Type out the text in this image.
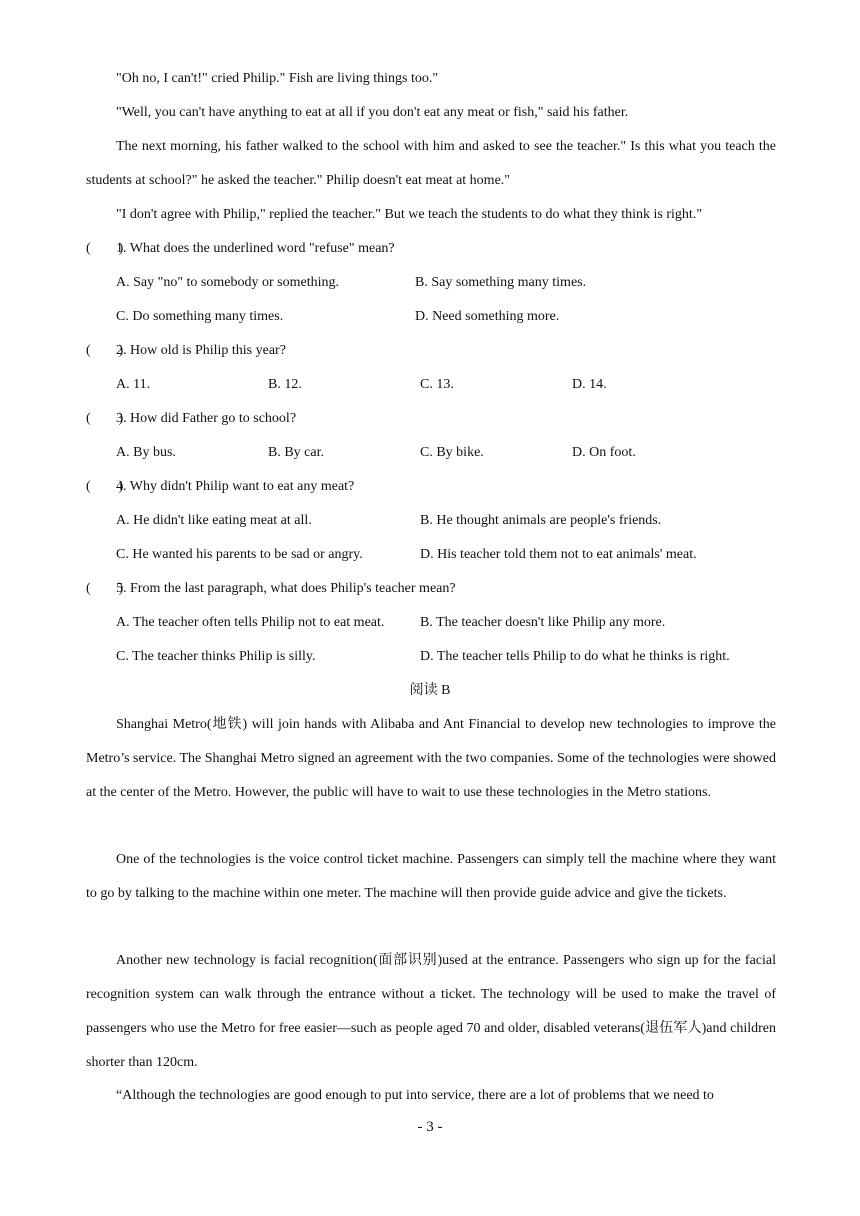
"Oh no, I can't!" cried Philip." Fish are living things too."

"Well, you can't have anything to eat at all if you don't eat any meat or fish," said his father.

The next morning, his father walked to the school with him and asked to see the teacher." Is this what you teach the students at school?" he asked the teacher." Philip doesn't eat meat at home."

"I don't agree with Philip," replied the teacher." But we teach the students to do what they think is right."

(　　)1. What does the underlined word "refuse" mean?
A. Say "no" to somebody or something.	B. Say something many times.
C. Do something many times.	D. Need something more.
(　　)2. How old is Philip this year?
A. 11.	B. 12.	C. 13.	D. 14.
(　　)3. How did Father go to school?
A. By bus.	B. By car.	C. By bike.	D. On foot.
(　　)4. Why didn't Philip want to eat any meat?
A. He didn't like eating meat at all.	B. He thought animals are people's friends.
C. He wanted his parents to be sad or angry.	D. His teacher told them not to eat animals' meat.
(　　)5. From the last paragraph, what does Philip's teacher mean?
A. The teacher often tells Philip not to eat meat.	B. The teacher doesn't like Philip any more.
C. The teacher thinks Philip is silly.	D. The teacher tells Philip to do what he thinks is right.
阅读 B

Shanghai Metro(地铁) will join hands with Alibaba and Ant Financial to develop new technologies to improve the Metro’s service. The Shanghai Metro signed an agreement with the two companies. Some of the technologies were showed at the center of the Metro. However, the public will have to wait to use these technologies in the Metro stations.

One of the technologies is the voice control ticket machine. Passengers can simply tell the machine where they want to go by talking to the machine within one meter. The machine will then provide guide advice and give the tickets.

Another new technology is facial recognition(面部识别)used at the entrance. Passengers who sign up for the facial recognition system can walk through the entrance without a ticket. The technology will be used to make the travel of passengers who use the Metro for free easier—such as people aged 70 and older, disabled veterans(退伍军人)and children shorter than 120cm.

“Although the technologies are good enough to put into service, there are a lot of problems that we need to

- 3 -
